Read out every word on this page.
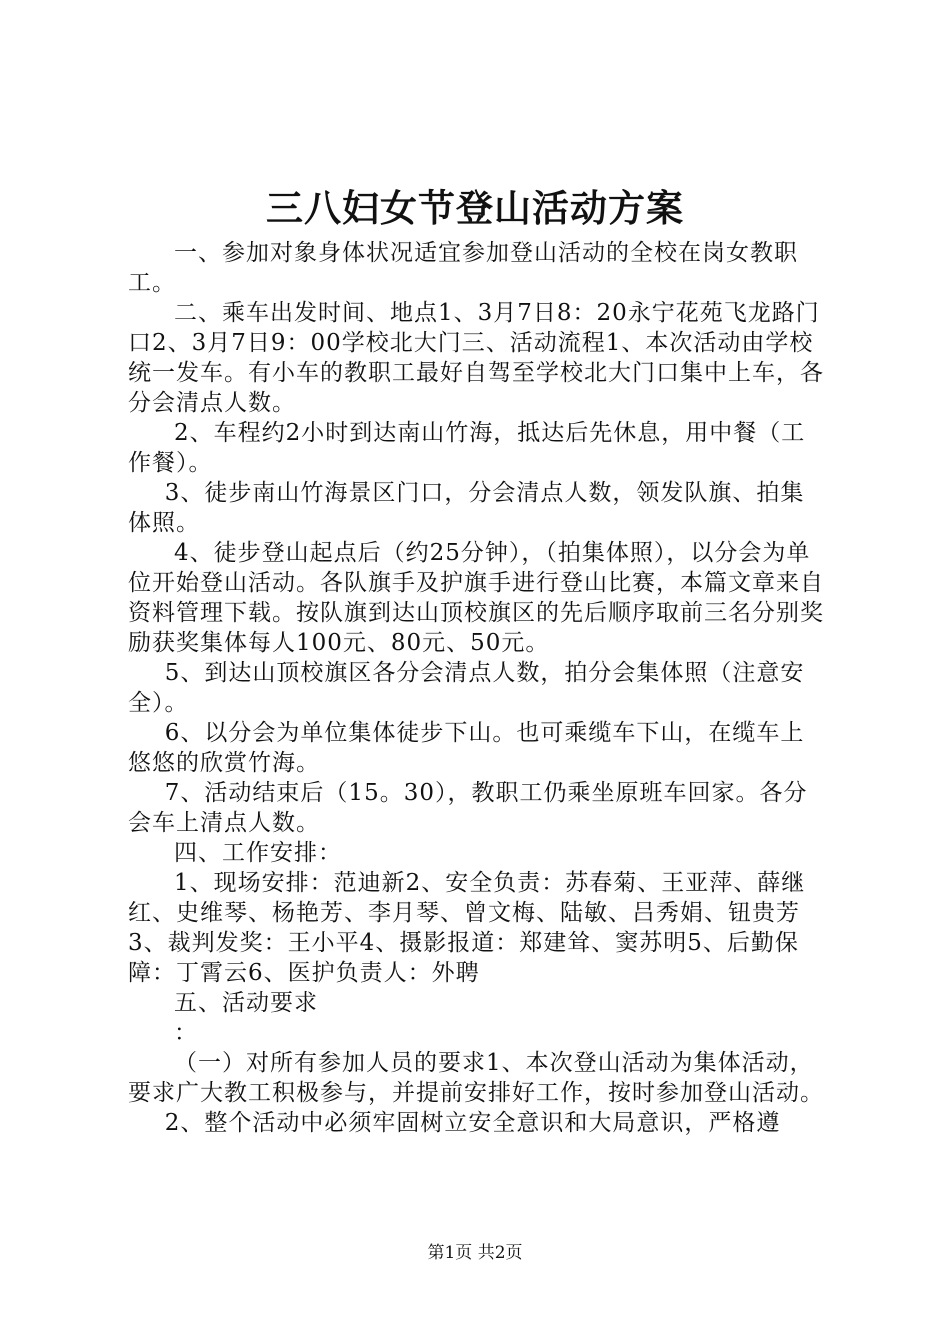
三八妇女节登山活动方案

一、参加对象身体状况适宜参加登山活动的全校在岗女教职工。

二、乘车出发时间、地点1、3月7日8：20永宁花苑飞龙路门口2、3月7日9：00学校北大门三、活动流程1、本次活动由学校统一发车。有小车的教职工最好自驾至学校北大门口集中上车，各分会清点人数。

2、车程约2小时到达南山竹海，抵达后先休息，用中餐（工作餐）。

3、徒步南山竹海景区门口，分会清点人数，领发队旗、拍集体照。

4、徒步登山起点后（约25分钟），（拍集体照），以分会为单位开始登山活动。各队旗手及护旗手进行登山比赛，本篇文章来自资料管理下载。按队旗到达山顶校旗区的先后顺序取前三名分别奖励获奖集体每人100元、80元、50元。

5、到达山顶校旗区各分会清点人数，拍分会集体照（注意安全）。

6、以分会为单位集体徒步下山。也可乘缆车下山，在缆车上悠悠的欣赏竹海。

7、活动结束后（15。30），教职工仍乘坐原班车回家。各分会车上清点人数。

四、工作安排：

1、现场安排：范迪新2、安全负责：苏春菊、王亚萍、薛继红、史维琴、杨艳芳、李月琴、曾文梅、陆敏、吕秀娟、钮贵芳3、裁判发奖：王小平4、摄影报道：郑建耸、窦苏明5、后勤保障：丁霄云6、医护负责人：外聘

五、活动要求

：

（一）对所有参加人员的要求1、本次登山活动为集体活动，要求广大教工积极参与，并提前安排好工作，按时参加登山活动。

2、整个活动中必须牢固树立安全意识和大局意识，严格遵

第1页 共2页
